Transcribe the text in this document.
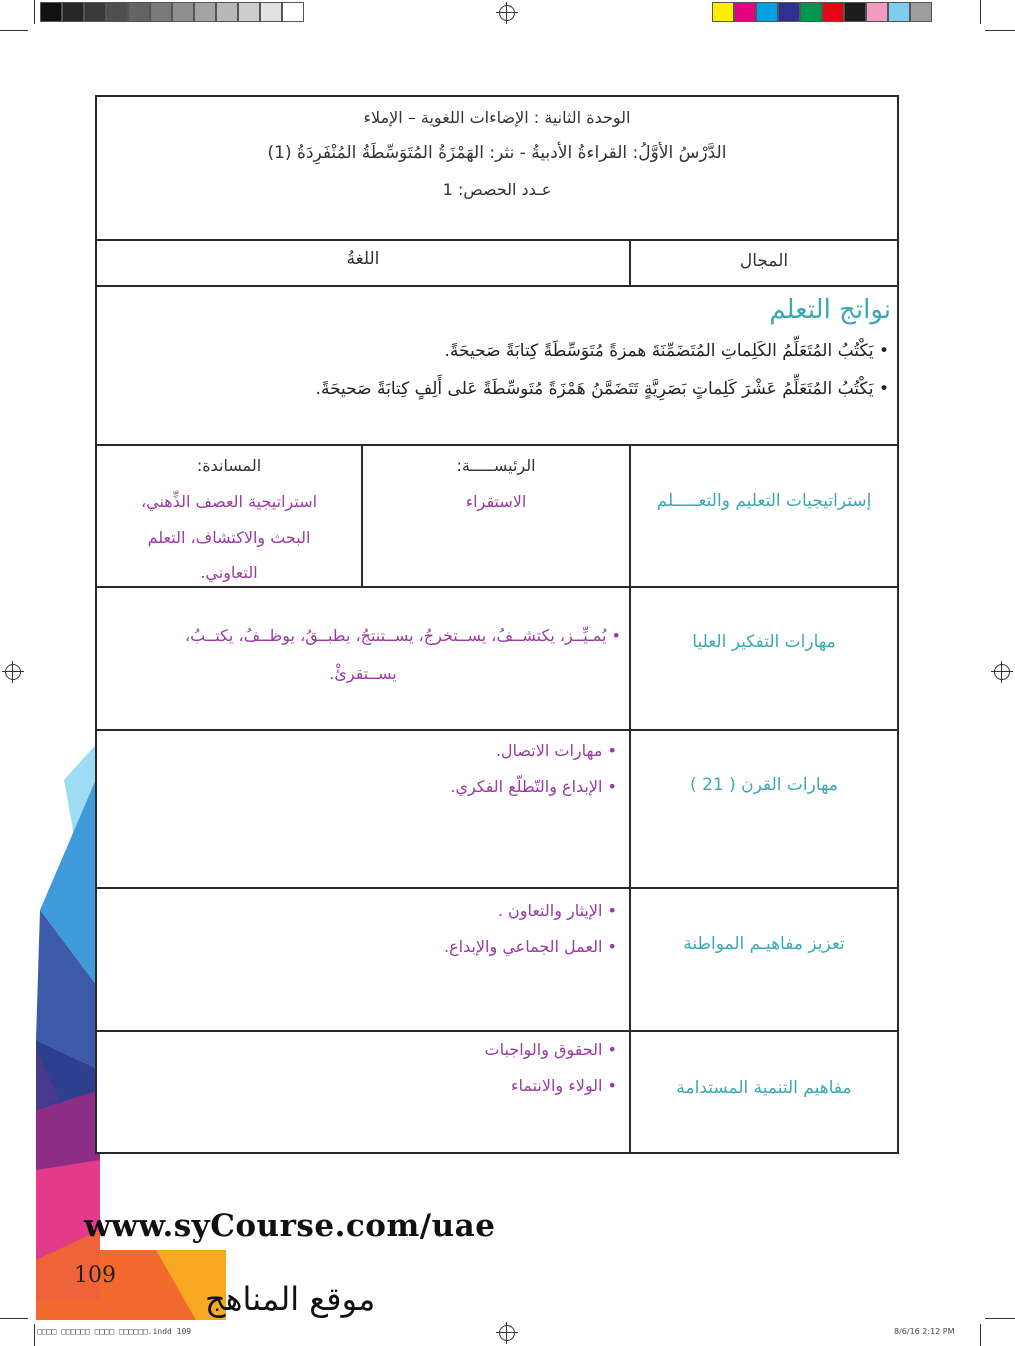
الوحدة الثانية : الإضاءات اللغوية – الإملاء
الدَّرْسُ الأوَّلُ: القراءةُ الأدبيةُ - نثر: الهَمْزَةُ المُتَوَسِّطَةُ المُنْفَرِدَةُ (1)
عـدد الحصص: 1
المجال
اللغةُ
نواتج التعلم
• يَكْتُبُ المُتَعَلِّمُ الكَلِماتِ المُتَضَمِّنَةَ همزةً مُتَوَسِّطَةً كِتابَةً صَحيحَةً.
• يَكْتُبُ المُتَعَلِّمُ عَشْرَ كَلِماتٍ بَصَرِيَّةٍ تَتَضَمَّنُ هَمْزَةً مُتَوسِّطَةً عَلى أَلِفٍ كِتابَةً صَحيحَةً.
إستراتيجيات التعليم والتعـــــلم
الرئيســـــة:
الاستقراء
المساندة:
استراتيجية العصف الذِّهني،
البحث والاكتشاف، التعلم
التعاوني.
مهارات التفكير العليا
• يُمـيِّــز، يكتشــفُ، يســتخرجُ، يســتنتجُ، يطبــقُ، يوظــفُ، يكتــبُ،
يســتقرئْ.
مهارات القرن ( 21 )
• مهارات الاتصال.
• الإبداع والتّطلّع الفكري.
تعزيز مفاهيـم المواطنة
• الإيثار والتعاون .
• العمل الجماعي والإبداع.
مفاهيم التنمية المستدامة
• الحقوق والواجبات
• الولاء والانتماء
www.syCourse.com/uae
109
موقع المناهج
□□□□ □□□□□□ □□□□ □□□□□□.indd 109	8/6/16 2:12 PM
